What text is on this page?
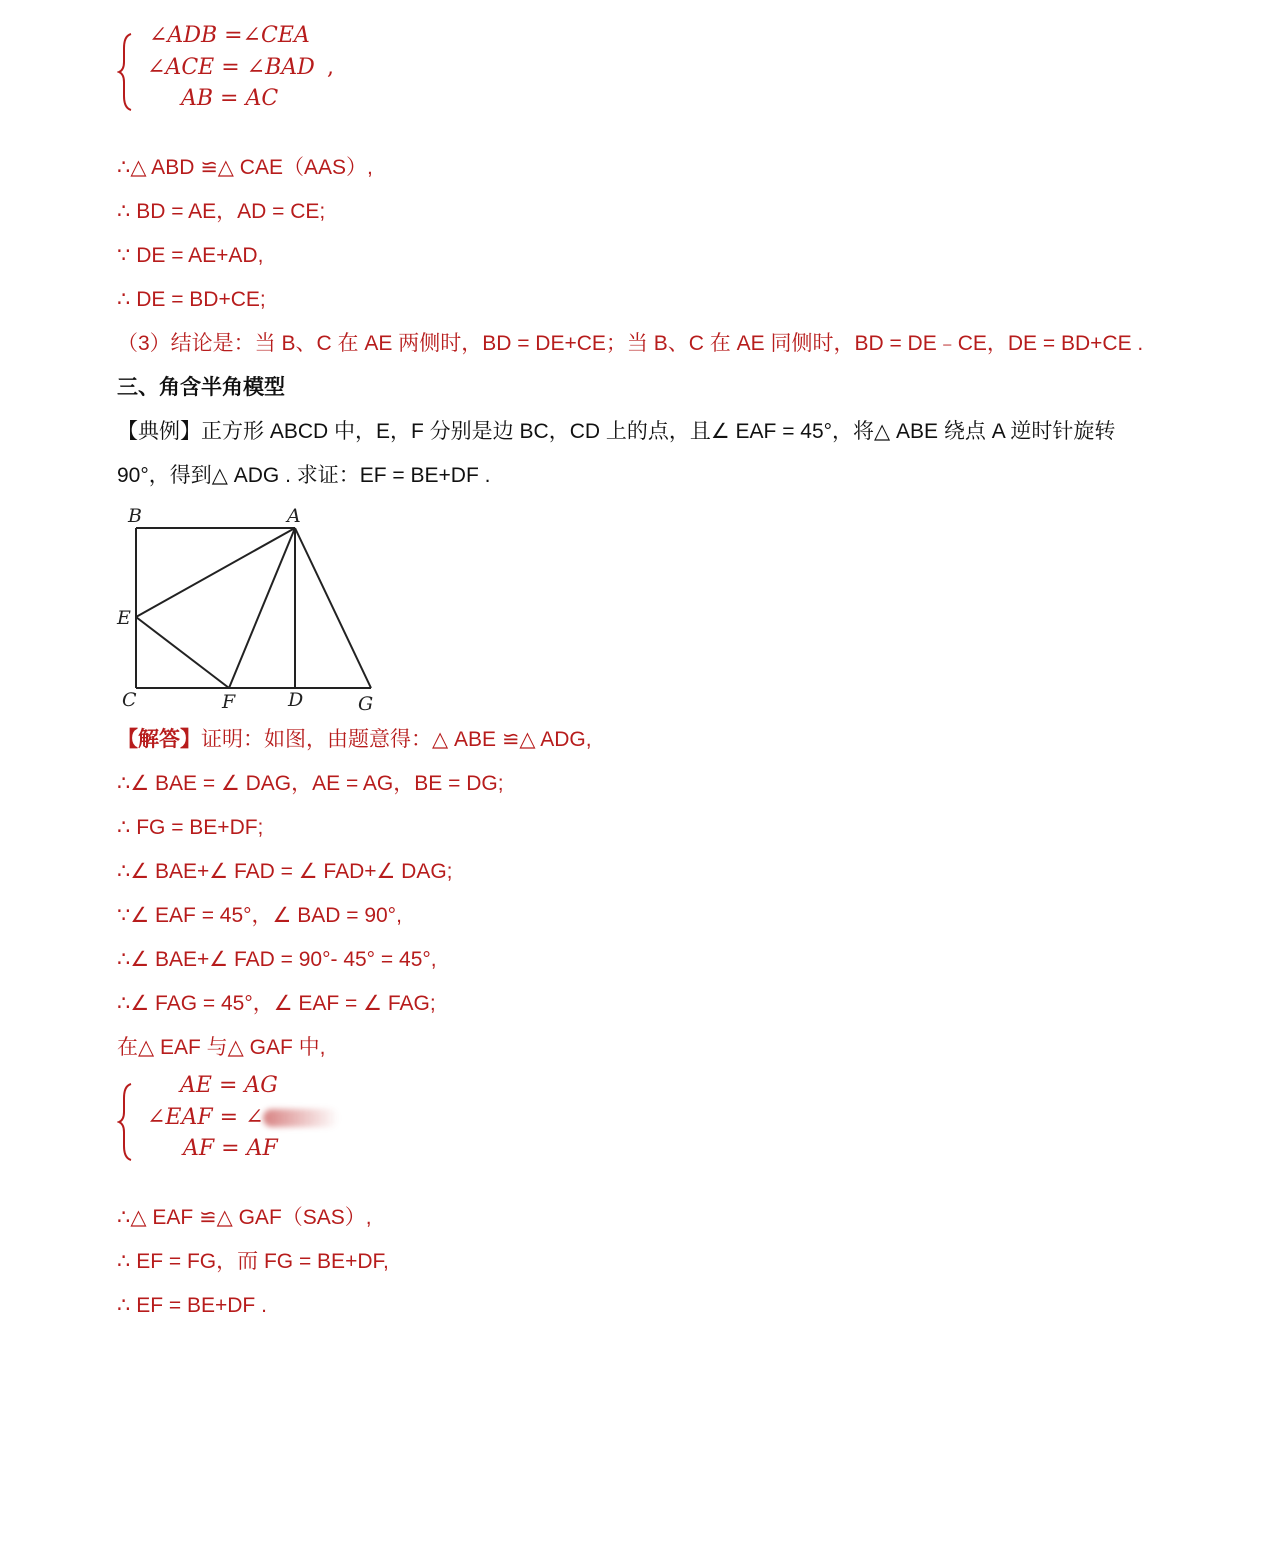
∠ADB =∠CEA
∠ACE = ∠BAD ,
AB = AC
∴△ ABD ≌△ CAE（AAS）,
∴ BD = AE，AD = CE;
∵ DE = AE+AD,
∴ DE = BD+CE;
（3）结论是：当 B、C 在 AE 两侧时，BD = DE+CE；当 B、C 在 AE 同侧时，BD = DE﹣CE，DE = BD+CE .
三、角含半角模型
【典例】正方形 ABCD 中，E，F 分别是边 BC，CD 上的点，且∠ EAF = 45°，将△ ABE 绕点 A 逆时针旋转
90°，得到△ ADG . 求证：EF = BE+DF .
B	A
E
C	F	D	G
【解答】证明：如图，由题意得：△ ABE ≌△ ADG,
∴∠ BAE = ∠ DAG，AE = AG，BE = DG;
∴ FG = BE+DF;
∴∠ BAE+∠ FAD = ∠ FAD+∠ DAG;
∵∠ EAF = 45°，∠ BAD = 90°,
∴∠ BAE+∠ FAD = 90°- 45° = 45°,
∴∠ FAG = 45°，∠ EAF = ∠ FAG;
在△ EAF 与△ GAF 中,
AE = AG
∠EAF = ∠
AF = AF
∴△ EAF ≌△ GAF（SAS）,
∴ EF = FG，而 FG = BE+DF,
∴ EF = BE+DF .
